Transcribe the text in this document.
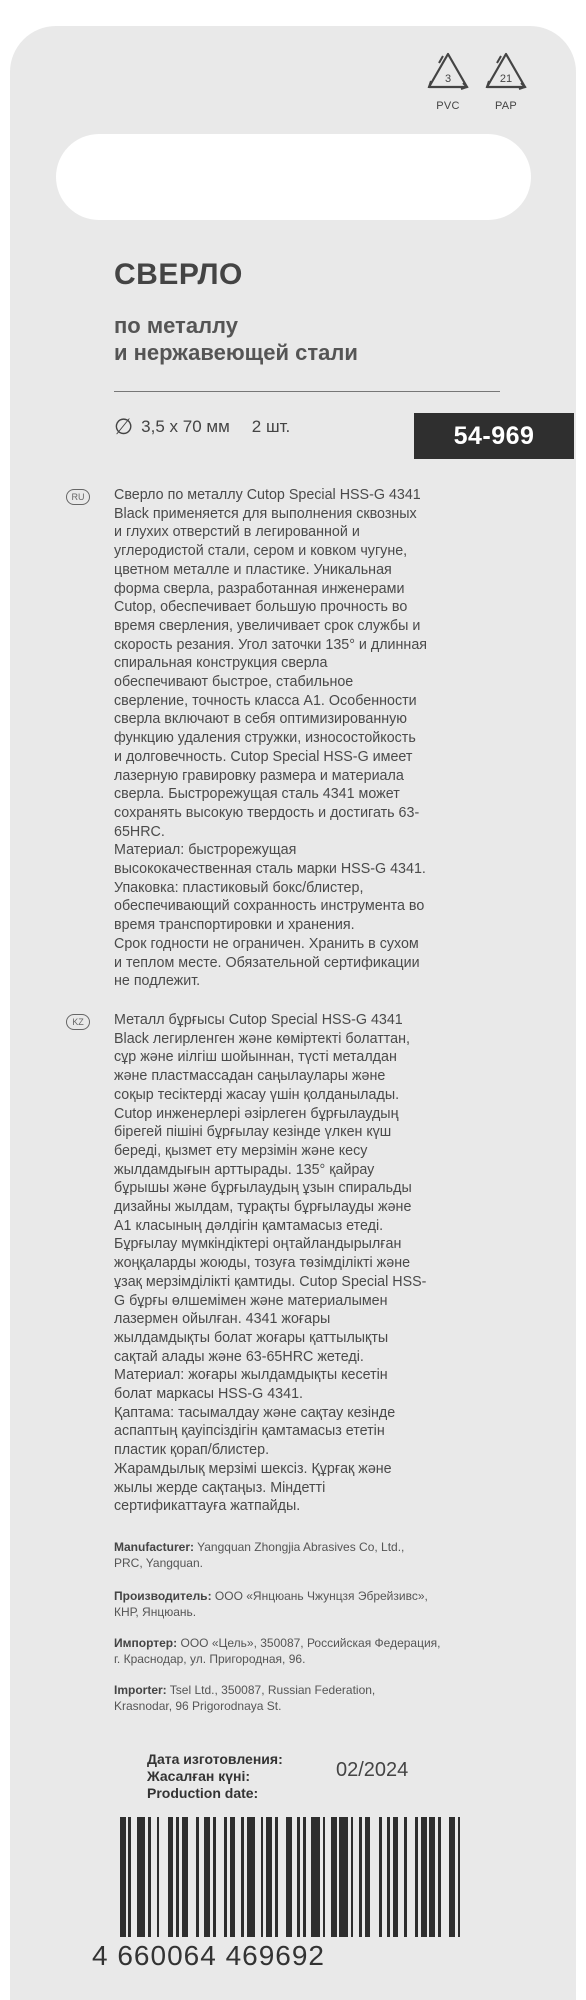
3
PVC
21
PAP
СВЕРЛО
по металлу
и нержавеющей стали
∅ 3,5 х 70 мм 2 шт.	54-969
RU	Сверло по металлу Cutop Special HSS-G 4341

Black применяется для выполнения сквозных

и глухих отверстий в легированной и

углеродистой стали, сером и ковком чугуне,

цветном металле и пластике. Уникальная

форма сверла, разработанная инженерами

Cutop, обеспечивает большую прочность во

время сверления, увеличивает срок службы и

скорость резания. Угол заточки 135° и длинная

спиральная конструкция сверла

обеспечивают быстрое, стабильное

сверление, точность класса А1. Особенности

сверла включают в себя оптимизированную

функцию удаления стружки, износостойкость

и долговечность. Cutop Special HSS-G имеет

лазерную гравировку размера и материала

сверла. Быстрорежущая сталь 4341 может

сохранять высокую твердость и достигать 63-

65HRC.

Материал: быстрорежущая

высококачественная сталь марки HSS-G 4341.

Упаковка: пластиковый бокс/блистер,

обеспечивающий сохранность инструмента во

время транспортировки и хранения.

Срок годности не ограничен. Хранить в сухом

и теплом месте. Обязательной сертификации

не подлежит.

KZ	Металл бұрғысы Cutop Special HSS-G 4341

Black легирленген және көміртекті болаттан,

сұр және иілгіш шойыннан, түсті металдан

және пластмассадан саңылаулары және

соқыр тесіктерді жасау үшін қолданылады.

Cutop инженерлері әзірлеген бұрғылаудың

бірегей пішіні бұрғылау кезінде үлкен күш

береді, қызмет ету мерзімін және кесу

жылдамдығын арттырады. 135° қайрау

бұрышы және бұрғылаудың ұзын спиральды

дизайны жылдам, тұрақты бұрғылауды және

А1 класының дәлдігін қамтамасыз етеді.

Бұрғылау мүмкіндіктері оңтайландырылған

жоңқаларды жоюды, тозуға төзімділікті және

ұзақ мерзімділікті қамтиды. Cutop Special HSS-

G бұрғы өлшемімен және материалымен

лазермен ойылған. 4341 жоғары

жылдамдықты болат жоғары қаттылықты

сақтай алады және 63-65HRC жетеді.

Материал: жоғары жылдамдықты кесетін

болат маркасы HSS-G 4341.

Қаптама: тасымалдау және сақтау кезінде

аспаптың қауіпсіздігін қамтамасыз ететін

пластик қорап/блистер.

Жарамдылық мерзімі шексіз. Құрғақ және

жылы жерде сақтаңыз. Міндетті

сертификаттауға жатпайды.

Manufacturer: Yangquan Zhongjia Abrasives Co, Ltd.,
PRC, Yangquan.
Производитель: ООО «Янцюань Чжунцзя Эбрейзивс»,
КНР, Янцюань.
Импортер: ООО «Цель», 350087, Российская Федерация,
г. Краснодар, ул. Пригородная, 96.
Importer: Tsel Ltd., 350087, Russian Federation,
Krasnodar, 96 Prigorodnaya St.
Дата изготовления:
Жасалған күні:
Production date:
02/2024
4 660064 469692
